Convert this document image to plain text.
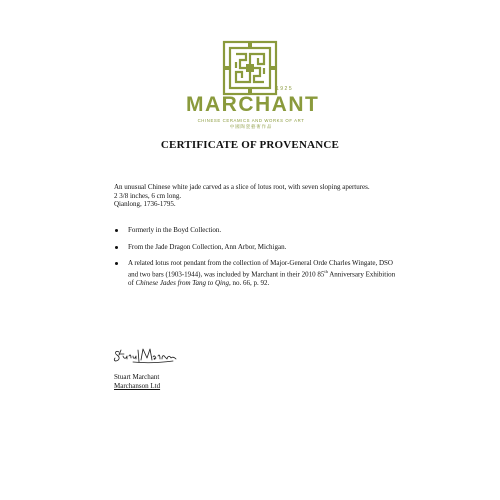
1925
MARCHANT
CHINESE CERAMICS AND WORKS OF ART
中國陶瓷藝術作品
CERTIFICATE OF PROVENANCE

An unusual Chinese white jade carved as a slice of lotus root, with seven sloping apertures.

2 3/8 inches, 6 cm long.

Qianlong, 1736-1795.

Formerly in the Boyd Collection.
From the Jade Dragon Collection, Ann Arbor, Michigan.
A related lotus root pendant from the collection of Major-General Orde Charles Wingate, DSO and two bars (1903-1944), was included by Marchant in their 2010 85th Anniversary Exhibition of Chinese Jades from Tang to Qing, no. 66, p. 92.
Stuart Marchant
Marchanson Ltd
